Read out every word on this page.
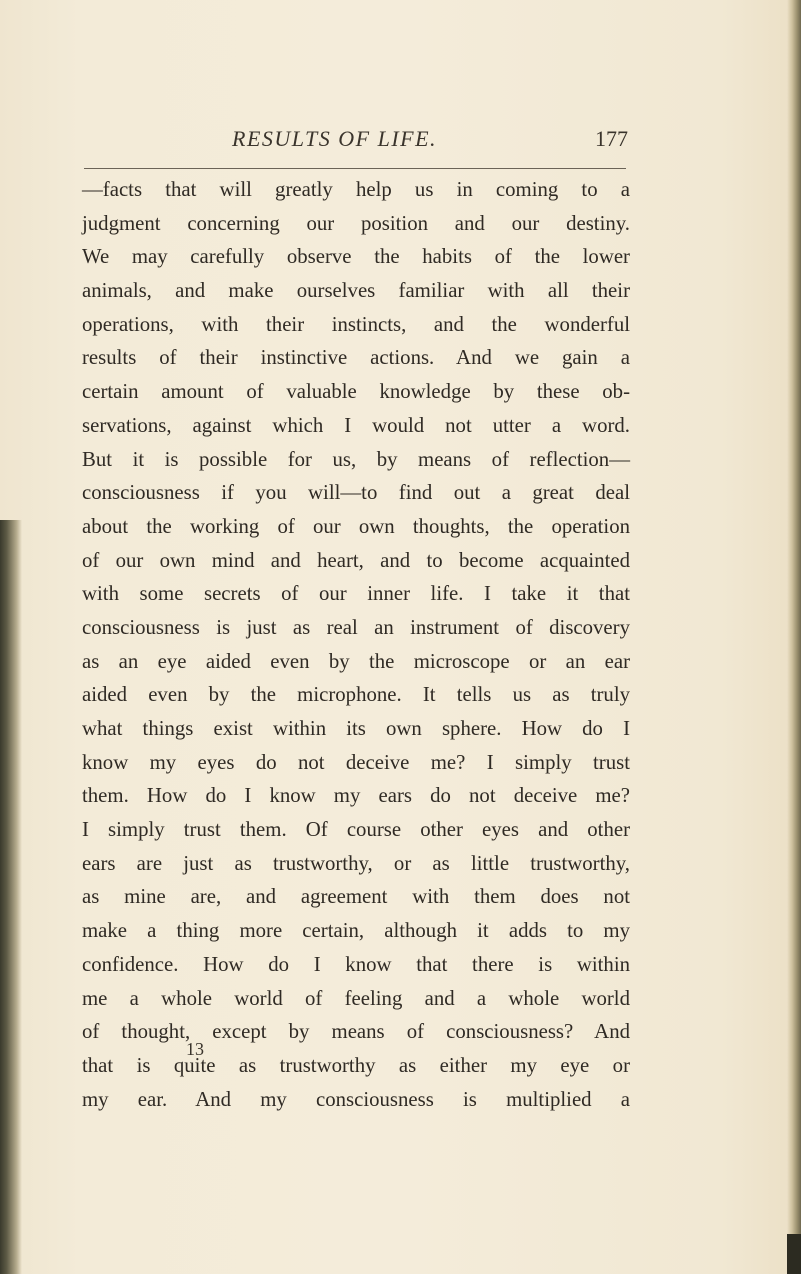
RESULTS OF LIFE.	177
—facts that will greatly help us in coming to a
judgment concerning our position and our destiny.
We may carefully observe the habits of the lower
animals, and make ourselves familiar with all their
operations, with their instincts, and the wonderful
results of their instinctive actions. And we gain a
certain amount of valuable knowledge by these ob-
servations, against which I would not utter a word.
But it is possible for us, by means of reflection—
consciousness if you will—to find out a great deal
about the working of our own thoughts, the operation
of our own mind and heart, and to become acquainted
with some secrets of our inner life. I take it that
consciousness is just as real an instrument of discovery
as an eye aided even by the microscope or an ear
aided even by the microphone. It tells us as truly
what things exist within its own sphere. How do I
know my eyes do not deceive me? I simply trust
them. How do I know my ears do not deceive me?
I simply trust them. Of course other eyes and other
ears are just as trustworthy, or as little trustworthy,
as mine are, and agreement with them does not
make a thing more certain, although it adds to my
confidence. How do I know that there is within
me a whole world of feeling and a whole world
of thought, except by means of consciousness? And
that is quite as trustworthy as either my eye or
my ear. And my consciousness is multiplied a
13
